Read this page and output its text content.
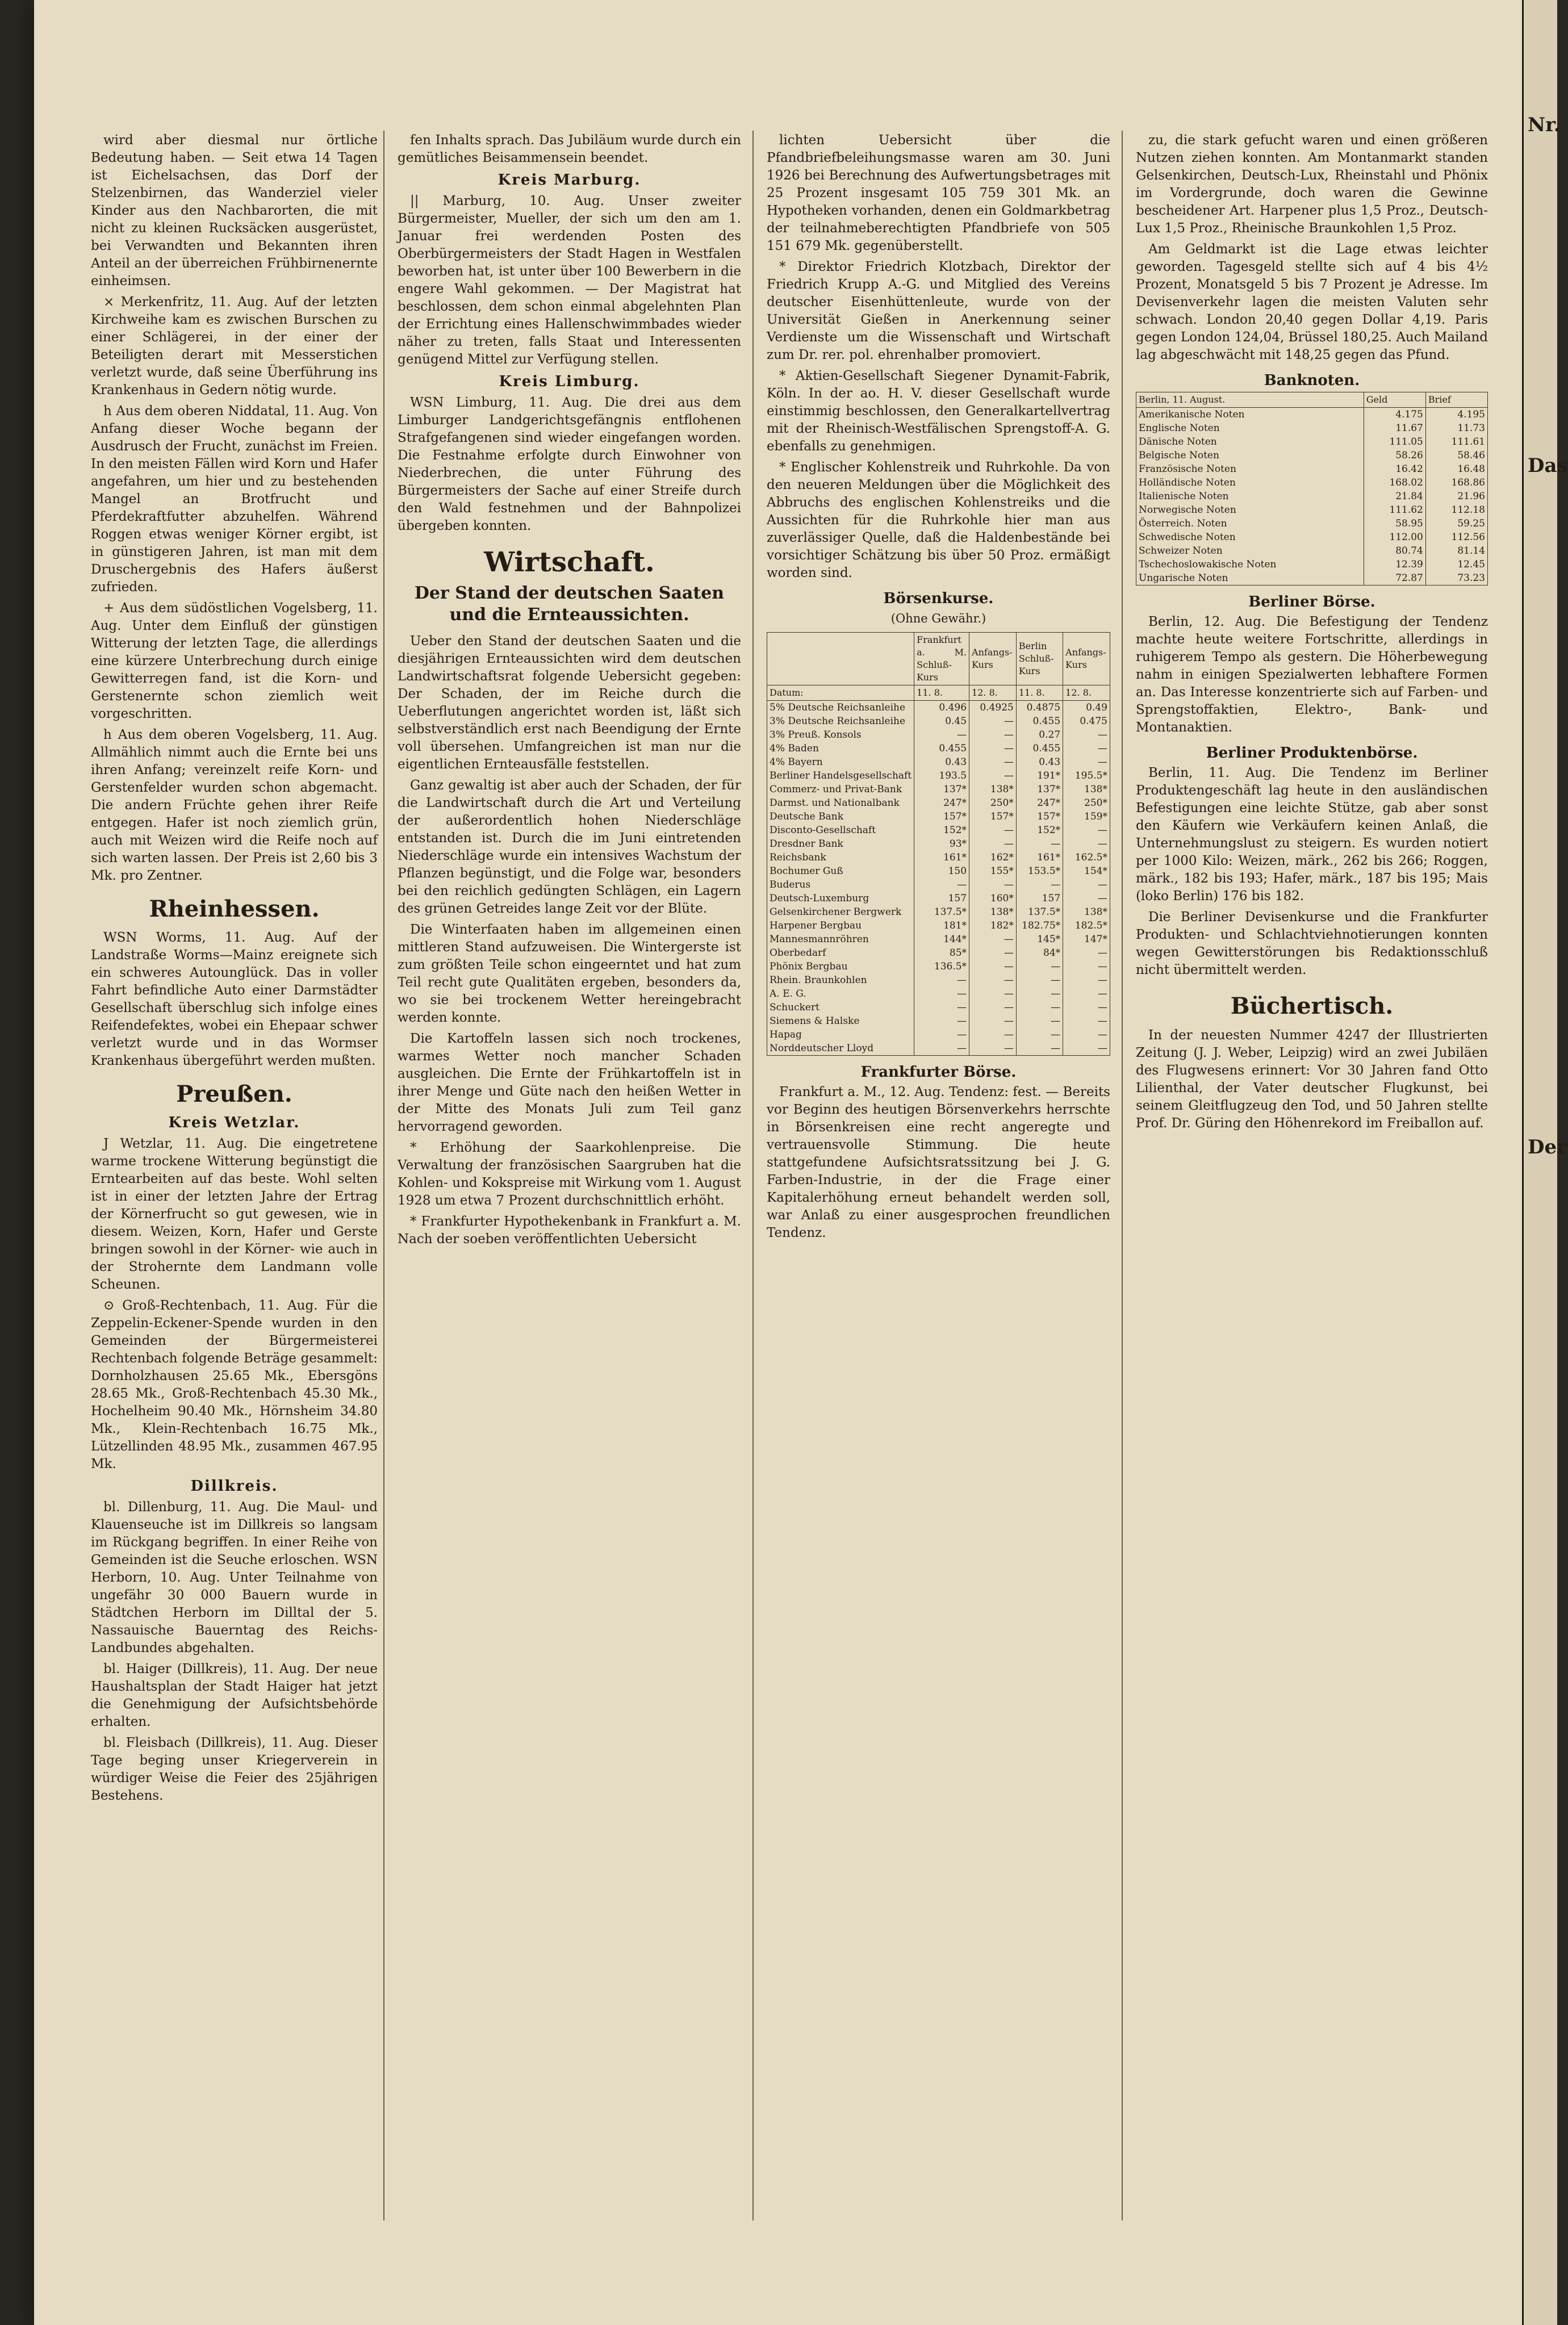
wird aber diesmal nur örtliche Bedeutung haben. — Seit etwa 14 Tagen ist Eichelsachsen, das Dorf der Stelzenbirnen, das Wanderziel vieler Kinder aus den Nachbarorten, die mit nicht zu kleinen Rucksäcken ausgerüstet, bei Verwandten und Bekannten ihren Anteil an der überreichen Frühbirnenernte einheimsen.

× Merkenfritz, 11. Aug. Auf der letzten Kirchweihe kam es zwischen Burschen zu einer Schlägerei, in der einer der Beteiligten derart mit Messerstichen verletzt wurde, daß seine Überführung ins Krankenhaus in Gedern nötig wurde.

h Aus dem oberen Niddatal, 11. Aug. Von Anfang dieser Woche begann der Ausdrusch der Frucht, zunächst im Freien. In den meisten Fällen wird Korn und Hafer angefahren, um hier und zu bestehenden Mangel an Brotfrucht und Pferdekraftfutter abzuhelfen. Während Roggen etwas weniger Körner ergibt, ist in günstigeren Jahren, ist man mit dem Druschergebnis des Hafers äußerst zufrieden.

+ Aus dem südöstlichen Vogelsberg, 11. Aug. Unter dem Einfluß der günstigen Witterung der letzten Tage, die allerdings eine kürzere Unterbrechung durch einige Gewitterregen fand, ist die Korn- und Gerstenernte schon ziemlich weit vorgeschritten.

h Aus dem oberen Vogelsberg, 11. Aug. Allmählich nimmt auch die Ernte bei uns ihren Anfang; vereinzelt reife Korn- und Gerstenfelder wurden schon abgemacht. Die andern Früchte gehen ihrer Reife entgegen. Hafer ist noch ziemlich grün, auch mit Weizen wird die Reife noch auf sich warten lassen. Der Preis ist 2,60 bis 3 Mk. pro Zentner.

Rheinhessen.

WSN Worms, 11. Aug. Auf der Landstraße Worms—Mainz ereignete sich ein schweres Autounglück. Das in voller Fahrt befindliche Auto einer Darmstädter Gesellschaft überschlug sich infolge eines Reifendefektes, wobei ein Ehepaar schwer verletzt wurde und in das Wormser Krankenhaus übergeführt werden mußten.

Preußen.
Kreis Wetzlar.

J Wetzlar, 11. Aug. Die eingetretene warme trockene Witterung begünstigt die Erntearbeiten auf das beste. Wohl selten ist in einer der letzten Jahre der Ertrag der Körnerfrucht so gut gewesen, wie in diesem. Weizen, Korn, Hafer und Gerste bringen sowohl in der Körner- wie auch in der Strohernte dem Landmann volle Scheunen.

⊙ Groß-Rechtenbach, 11. Aug. Für die Zeppelin-Eckener-Spende wurden in den Gemeinden der Bürgermeisterei Rechtenbach folgende Beträge gesammelt: Dornholzhausen 25.65 Mk., Ebersgöns 28.65 Mk., Groß-Rechtenbach 45.30 Mk., Hochelheim 90.40 Mk., Hörnsheim 34.80 Mk., Klein-Rechtenbach 16.75 Mk., Lützellinden 48.95 Mk., zusammen 467.95 Mk.

Dillkreis.

bl. Dillenburg, 11. Aug. Die Maul- und Klauenseuche ist im Dillkreis so langsam im Rückgang begriffen. In einer Reihe von Gemeinden ist die Seuche erloschen. WSN Herborn, 10. Aug. Unter Teilnahme von ungefähr 30 000 Bauern wurde in Städtchen Herborn im Dilltal der 5. Nassauische Bauerntag des Reichs-Landbundes abgehalten.

bl. Haiger (Dillkreis), 11. Aug. Der neue Haushaltsplan der Stadt Haiger hat jetzt die Genehmigung der Aufsichtsbehörde erhalten.

bl. Fleisbach (Dillkreis), 11. Aug. Dieser Tage beging unser Kriegerverein in würdiger Weise die Feier des 25jährigen Bestehens.

fen Inhalts sprach. Das Jubiläum wurde durch ein gemütliches Beisammensein beendet.

Kreis Marburg.

|| Marburg, 10. Aug. Unser zweiter Bürgermeister, Mueller, der sich um den am 1. Januar frei werdenden Posten des Oberbürgermeisters der Stadt Hagen in Westfalen beworben hat, ist unter über 100 Bewerbern in die engere Wahl gekommen. — Der Magistrat hat beschlossen, dem schon einmal abgelehnten Plan der Errichtung eines Hallenschwimmbades wieder näher zu treten, falls Staat und Interessenten genügend Mittel zur Verfügung stellen.

Kreis Limburg.

WSN Limburg, 11. Aug. Die drei aus dem Limburger Landgerichtsgefängnis entflohenen Strafgefangenen sind wieder eingefangen worden. Die Festnahme erfolgte durch Einwohner von Niederbrechen, die unter Führung des Bürgermeisters der Sache auf einer Streife durch den Wald festnehmen und der Bahnpolizei übergeben konnten.

Wirtschaft.
Der Stand der deutschen Saaten und die Ernteaussichten.

Ueber den Stand der deutschen Saaten und die diesjährigen Ernteaussichten wird dem deutschen Landwirtschaftsrat folgende Uebersicht gegeben: Der Schaden, der im Reiche durch die Ueberflutungen angerichtet worden ist, läßt sich selbstverständlich erst nach Beendigung der Ernte voll übersehen. Umfangreichen ist man nur die eigentlichen Ernteausfälle feststellen.

Ganz gewaltig ist aber auch der Schaden, der für die Landwirtschaft durch die Art und Verteilung der außerordentlich hohen Niederschläge entstanden ist. Durch die im Juni eintretenden Niederschläge wurde ein intensives Wachstum der Pflanzen begünstigt, und die Folge war, besonders bei den reichlich gedüngten Schlägen, ein Lagern des grünen Getreides lange Zeit vor der Blüte.

Die Winterfaaten haben im allgemeinen einen mittleren Stand aufzuweisen. Die Wintergerste ist zum größten Teile schon eingeerntet und hat zum Teil recht gute Qualitäten ergeben, besonders da, wo sie bei trockenem Wetter hereingebracht werden konnte.

Die Kartoffeln lassen sich noch trockenes, warmes Wetter noch mancher Schaden ausgleichen. Die Ernte der Frühkartoffeln ist in ihrer Menge und Güte nach den heißen Wetter in der Mitte des Monats Juli zum Teil ganz hervorragend geworden.

* Erhöhung der Saarkohlenpreise. Die Verwaltung der französischen Saargruben hat die Kohlen- und Kokspreise mit Wirkung vom 1. August 1928 um etwa 7 Prozent durchschnittlich erhöht.

* Frankfurter Hypothekenbank in Frankfurt a. M. Nach der soeben veröffentlichten Uebersicht

lichten Uebersicht über die Pfandbriefbeleihungsmasse waren am 30. Juni 1926 bei Berechnung des Aufwertungsbetrages mit 25 Prozent insgesamt 105 759 301 Mk. an Hypotheken vorhanden, denen ein Goldmarkbetrag der teilnahmeberechtigten Pfandbriefe von 505 151 679 Mk. gegenüberstellt.

* Direktor Friedrich Klotzbach, Direktor der Friedrich Krupp A.-G. und Mitglied des Vereins deutscher Eisenhüttenleute, wurde von der Universität Gießen in Anerkennung seiner Verdienste um die Wissenschaft und Wirtschaft zum Dr. rer. pol. ehrenhalber promoviert.

* Aktien-Gesellschaft Siegener Dynamit-Fabrik, Köln. In der ao. H. V. dieser Gesellschaft wurde einstimmig beschlossen, den Generalkartellvertrag mit der Rheinisch-Westfälischen Sprengstoff-A. G. ebenfalls zu genehmigen.

* Englischer Kohlenstreik und Ruhrkohle. Da von den neueren Meldungen über die Möglichkeit des Abbruchs des englischen Kohlenstreiks und die Aussichten für die Ruhrkohle hier man aus zuverlässiger Quelle, daß die Haldenbestände bei vorsichtiger Schätzung bis über 50 Proz. ermäßigt worden sind.

Börsenkurse.
(Ohne Gewähr.)
	Frankfurt a. M. Schluß-Kurs	Anfangs-Kurs	Berlin Schluß-Kurs	Anfangs-Kurs
Datum:	11. 8.	12. 8.	11. 8.	12. 8.
5% Deutsche Reichsanleihe	0.496	0.4925	0.4875	0.49
3% Deutsche Reichsanleihe	0.45	—	0.455	0.475
3% Preuß. Konsols	—	—	0.27	—
4% Baden	0.455	—	0.455	—
4% Bayern	0.43	—	0.43	—
Berliner Handelsgesellschaft	193.5	—	191*	195.5*
Commerz- und Privat-Bank	137*	138*	137*	138*
Darmst. und Nationalbank	247*	250*	247*	250*
Deutsche Bank	157*	157*	157*	159*
Disconto-Gesellschaft	152*	—	152*	—
Dresdner Bank	93*	—	—	—
Reichsbank	161*	162*	161*	162.5*
Bochumer Guß	150	155*	153.5*	154*
Buderus	—	—	—	—
Deutsch-Luxemburg	157	160*	157	—
Gelsenkirchener Bergwerk	137.5*	138*	137.5*	138*
Harpener Bergbau	181*	182*	182.75*	182.5*
Mannesmannröhren	144*	—	145*	147*
Oberbedarf	85*	—	84*	—
Phönix Bergbau	136.5*	—	—	—
Rhein. Braunkohlen	—	—	—	—
A. E. G.	—	—	—	—
Schuckert	—	—	—	—
Siemens & Halske	—	—	—	—
Hapag	—	—	—	—
Norddeutscher Lloyd	—	—	—	—
Frankfurter Börse.

Frankfurt a. M., 12. Aug. Tendenz: fest. — Bereits vor Beginn des heutigen Börsenverkehrs herrschte in Börsenkreisen eine recht angeregte und vertrauensvolle Stimmung. Die heute stattgefundene Aufsichtsratssitzung bei J. G. Farben-Industrie, in der die Frage einer Kapitalerhöhung erneut behandelt werden soll, war Anlaß zu einer ausgesprochen freundlichen Tendenz.

zu, die stark gefucht waren und einen größeren Nutzen ziehen konnten. Am Montanmarkt standen Gelsenkirchen, Deutsch-Lux, Rheinstahl und Phönix im Vordergrunde, doch waren die Gewinne bescheidener Art. Harpener plus 1,5 Proz., Deutsch-Lux 1,5 Proz., Rheinische Braunkohlen 1,5 Proz.

Am Geldmarkt ist die Lage etwas leichter geworden. Tagesgeld stellte sich auf 4 bis 4½ Prozent, Monatsgeld 5 bis 7 Prozent je Adresse. Im Devisenverkehr lagen die meisten Valuten sehr schwach. London 20,40 gegen Dollar 4,19. Paris gegen London 124,04, Brüssel 180,25. Auch Mailand lag abgeschwächt mit 148,25 gegen das Pfund.

Banknoten.
Berlin, 11. August.	Geld	Brief
Amerikanische Noten	4.175	4.195
Englische Noten	11.67	11.73
Dänische Noten	111.05	111.61
Belgische Noten	58.26	58.46
Französische Noten	16.42	16.48
Holländische Noten	168.02	168.86
Italienische Noten	21.84	21.96
Norwegische Noten	111.62	112.18
Österreich. Noten	58.95	59.25
Schwedische Noten	112.00	112.56
Schweizer Noten	80.74	81.14
Tschechoslowakische Noten	12.39	12.45
Ungarische Noten	72.87	73.23
Berliner Börse.

Berlin, 12. Aug. Die Befestigung der Tendenz machte heute weitere Fortschritte, allerdings in ruhigerem Tempo als gestern. Die Höherbewegung nahm in einigen Spezialwerten lebhaftere Formen an. Das Interesse konzentrierte sich auf Farben- und Sprengstoffaktien, Elektro-, Bank- und Montanaktien.

Berliner Produktenbörse.

Berlin, 11. Aug. Die Tendenz im Berliner Produktengeschäft lag heute in den ausländischen Befestigungen eine leichte Stütze, gab aber sonst den Käufern wie Verkäufern keinen Anlaß, die Unternehmungslust zu steigern. Es wurden notiert per 1000 Kilo: Weizen, märk., 262 bis 266; Roggen, märk., 182 bis 193; Hafer, märk., 187 bis 195; Mais (loko Berlin) 176 bis 182.

Die Berliner Devisenkurse und die Frankfurter Produkten- und Schlachtviehnotierungen konnten wegen Gewitterstörungen bis Redaktionsschluß nicht übermittelt werden.

Büchertisch.

In der neuesten Nummer 4247 der Illustrierten Zeitung (J. J. Weber, Leipzig) wird an zwei Jubiläen des Flugwesens erinnert: Vor 30 Jahren fand Otto Lilienthal, der Vater deutscher Flugkunst, bei seinem Gleitflugzeug den Tod, und 50 Jahren stellte Prof. Dr. Güring den Höhenrekord im Freiballon auf.

Nr.
Das
Der
